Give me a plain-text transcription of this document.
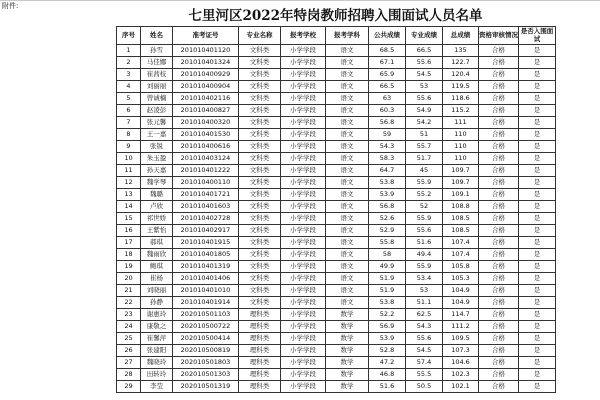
附件:
七里河区2022年特岗教师招聘入围面试人员名单
序号	姓名	准考证号	专业名称	报考学校	报考学科	公共成绩	专业成绩	总成绩	资格审核情况	是否入围面试
1	孙雪	201010401120	文科类	小学学段	语文	68.5	66.5	135	合格	是
2	马佳娜	201010401324	文科类	小学学段	语文	67.1	55.6	122.7	合格	是
3	崔茜枝	201010400929	文科类	小学学段	语文	65.9	54.5	120.4	合格	是
4	刘丽丽	201010400904	文科类	小学学段	语文	66.5	53	119.5	合格	是
5	曾诚楠	201010402116	文科类	小学学段	语文	63	55.6	118.6	合格	是
6	赵凌彭	201010400827	文科类	小学学段	语文	60.3	54.9	115.2	合格	是
7	张元馨	201010400320	文科类	小学学段	语文	56.8	54.2	111	合格	是
8	王一嘉	201010401530	文科类	小学学段	语文	59	51	110	合格	是
9	张锐	201010400616	文科类	小学学段	语文	54.3	55.7	110	合格	是
10	朱玉盈	201010403124	文科类	小学学段	语文	58.3	51.7	110	合格	是
11	孙天嘉	201010401222	文科类	小学学段	语文	64.7	45	109.7	合格	是
12	魏学琴	201010400110	文科类	小学学段	语文	53.8	55.9	109.7	合格	是
13	魏璐	201010401721	文科类	小学学段	语文	53.9	55.2	109.1	合格	是
14	卢欣	201010401603	文科类	小学学段	语文	56.8	52	108.8	合格	是
15	祁世娇	201010402728	文科类	小学学段	语文	52.6	55.9	108.5	合格	是
16	王紫怡	201010402917	文科类	小学学段	语文	52.9	55.6	108.5	合格	是
17	郝琪	201010401915	文科类	小学学段	语文	55.8	51.6	107.4	合格	是
18	魏雨欣	201010401805	文科类	小学学段	语文	58	49.4	107.4	合格	是
19	鲍琪	201010401319	文科类	小学学段	语文	49.9	55.9	105.8	合格	是
20	崔杨	201010401406	文科类	小学学段	语文	51.9	53.4	105.3	合格	是
21	刘晓丽	201010401010	文科类	小学学段	语文	51.9	53	104.9	合格	是
22	孙静	201010401914	文科类	小学学段	语文	53.8	51.1	104.9	合格	是
23	谢惠玲	202010501103	理科类	小学学段	数学	52.2	62.5	114.7	合格	是
24	康敬之	202010500722	理科类	小学学段	数学	56.9	54.3	111.2	合格	是
25	崔馨萍	202010500414	理科类	小学学段	数学	53.9	55.6	109.5	合格	是
26	张建阳	202010500819	理科类	小学学段	数学	52.8	54.5	107.3	合格	是
27	魏晓玲	202010501803	理科类	小学学段	数学	47.2	57.4	104.6	合格	是
28	田转玲	202010501303	理科类	小学学段	数学	46.8	55.5	102.3	合格	是
29	李莹	202010501319	理科类	小学学段	数学	51.6	50.5	102.1	合格	是
